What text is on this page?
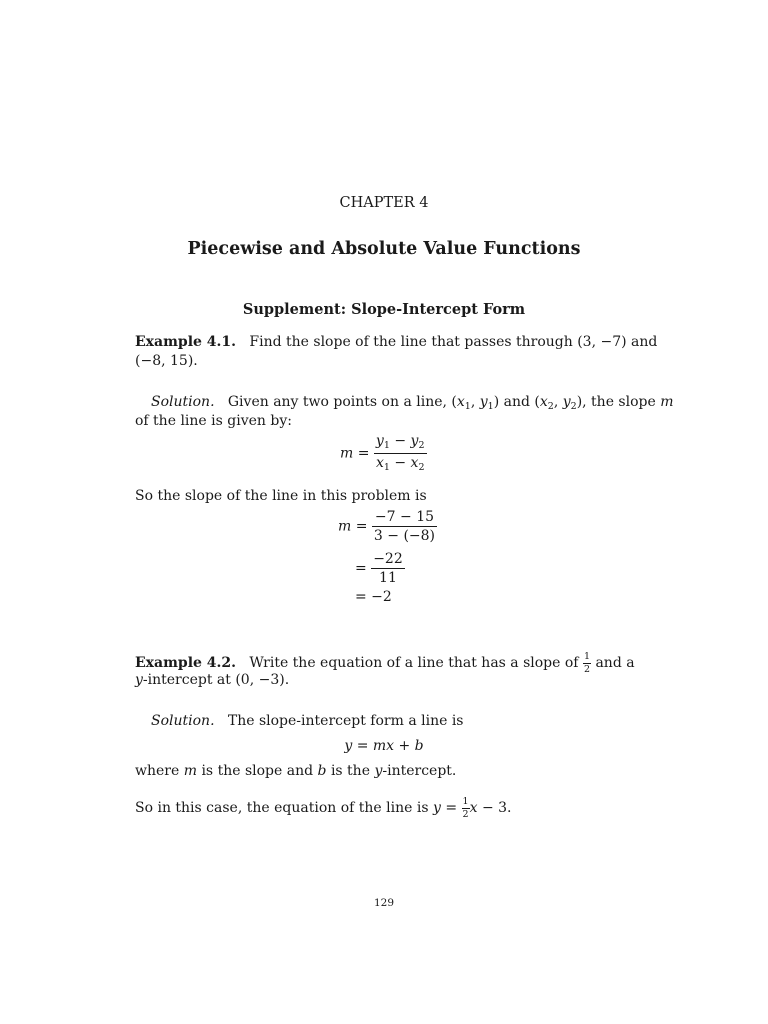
CHAPTER 4
Piecewise and Absolute Value Functions
Supplement: Slope-Intercept Form
Example 4.1. Find the slope of the line that passes through (3, −7) and
(−8, 15).
Solution. Given any two points on a line, ($x_1$, $y_1$) and ($x_2$, $y_2$), the slope m
of the line is given by:
$m = \frac{y_1 - y_2}{x_1 - x_2}$
So the slope of the line in this problem is
$m = \frac{-7 - 15}{3 - (-8)}$
= $\frac{-22}{11}$
= −2
Example 4.2. Write the equation of a line that has a slope of $\frac{1}{2}$ and a
y-intercept at (0, −3).
Solution. The slope-intercept form a line is
y = mx + b
where m is the slope and b is the y-intercept.
So in this case, the equation of the line is $y = \frac{1}{2}$ x − 3.
129
